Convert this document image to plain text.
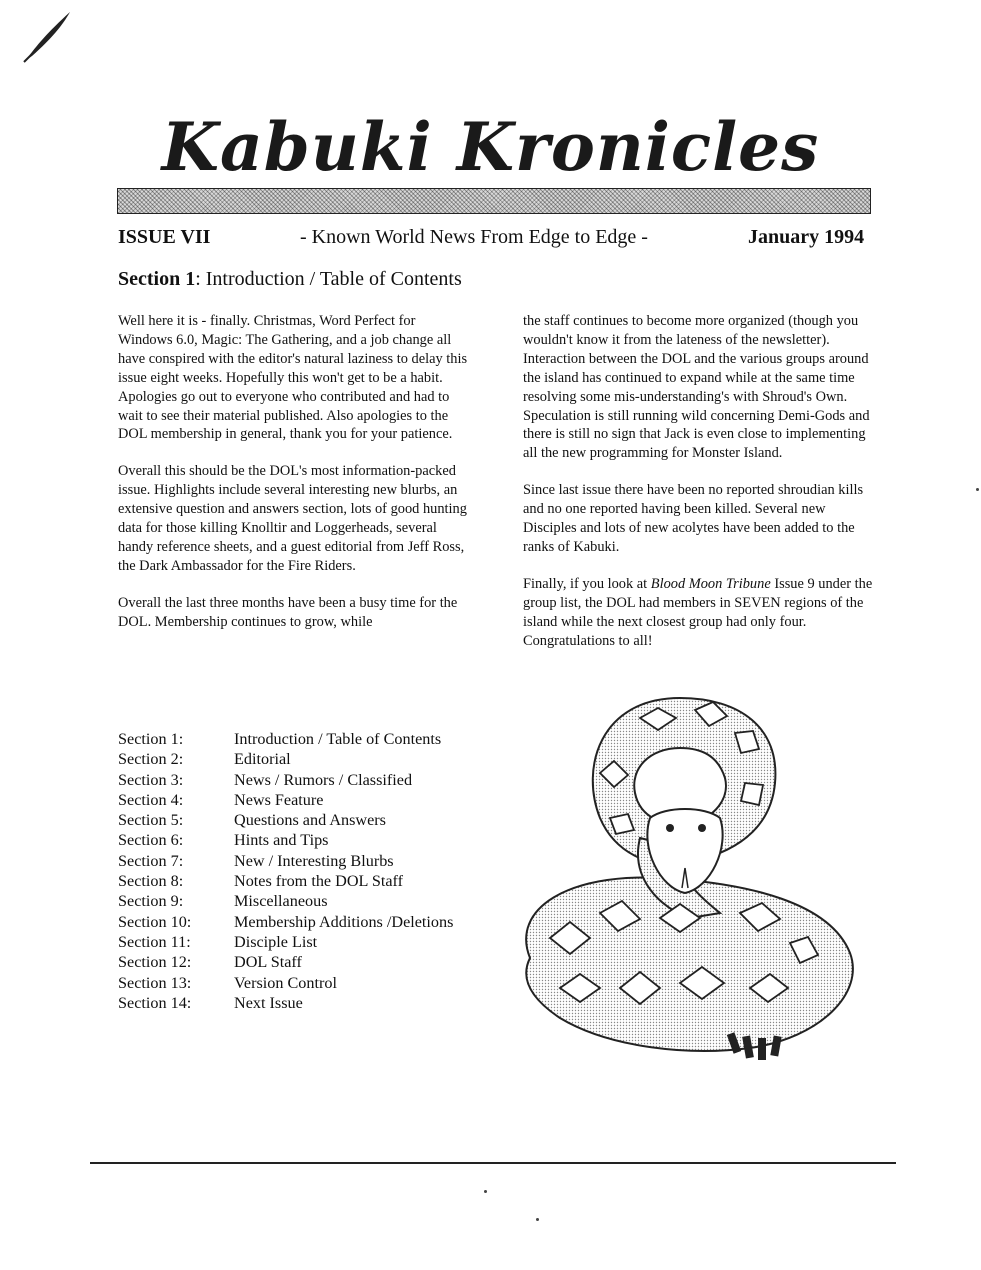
Kabuki Kronicles
ISSUE VII	- Known World News From Edge to Edge -	January 1994
Section 1: Introduction / Table of Contents

Well here it is - finally. Christmas, Word Perfect for Windows 6.0, Magic: The Gathering, and a job change all have conspired with the editor's natural laziness to delay this issue eight weeks. Hopefully this won't get to be a habit. Apologies go out to everyone who contributed and had to wait to see their material published. Also apologies to the DOL membership in general, thank you for your patience.

Overall this should be the DOL's most information-packed issue. Highlights include several interesting new blurbs, an extensive question and answers section, lots of good hunting data for those killing Knolltir and Loggerheads, several handy reference sheets, and a guest editorial from Jeff Ross, the Dark Ambassador for the Fire Riders.

Overall the last three months have been a busy time for the DOL. Membership continues to grow, while

the staff continues to become more organized (though you wouldn't know it from the lateness of the newsletter). Interaction between the DOL and the various groups around the island has continued to expand while at the same time resolving some mis-understanding's with Shroud's Own. Speculation is still running wild concerning Demi-Gods and there is still no sign that Jack is even close to implementing all the new programming for Monster Island.

Since last issue there have been no reported shroudian kills and no one reported having been killed. Several new Disciples and lots of new acolytes have been added to the ranks of Kabuki.

Finally, if you look at Blood Moon Tribune Issue 9 under the group list, the DOL had members in SEVEN regions of the island while the next closest group had only four. Congratulations to all!

Section 1:	Introduction / Table of Contents
Section 2:	Editorial
Section 3:	News / Rumors / Classified
Section 4:	News Feature
Section 5:	Questions and Answers
Section 6:	Hints and Tips
Section 7:	New / Interesting Blurbs
Section 8:	Notes from the DOL Staff
Section 9:	Miscellaneous
Section 10:	Membership Additions /Deletions
Section 11:	Disciple List
Section 12:	DOL Staff
Section 13:	Version Control
Section 14:	Next Issue
